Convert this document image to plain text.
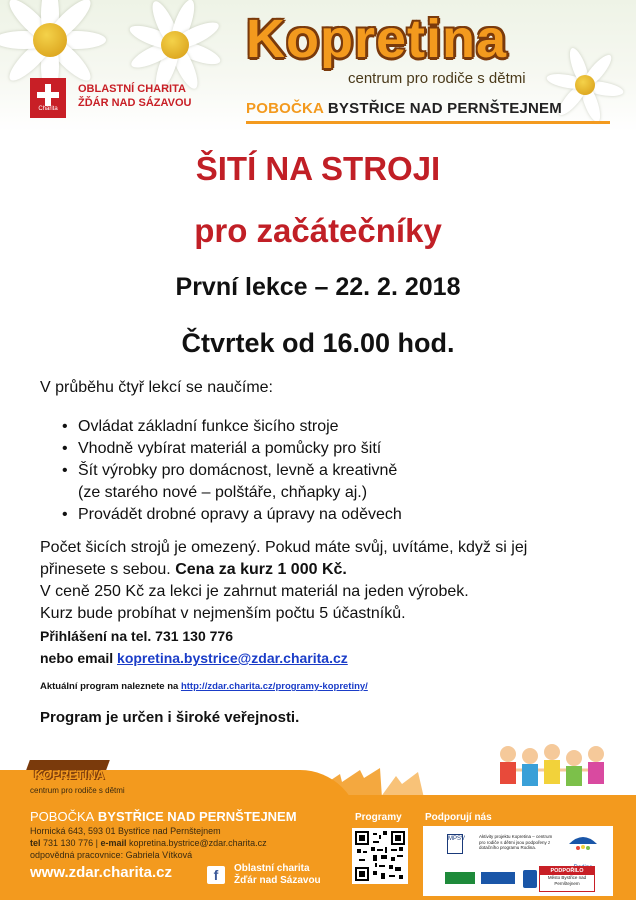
Charita
OBLASTNÍ CHARITA
ŽĎÁR NAD SÁZAVOU
Kopretina
centrum pro rodiče s dětmi
POBOČKA BYSTŘICE NAD PERNŠTEJNEM
ŠITÍ NA STROJI
pro začátečníky
První lekce – 22. 2. 2018
Čtvrtek od 16.00 hod.
V průběhu čtyř lekcí se naučíme:
• Ovládat základní funkce šicího stroje
• Vhodně vybírat materiál a pomůcky pro šití
• Šít výrobky pro domácnost, levně a kreativně
(ze starého nové – polštáře, chňapky aj.)
• Provádět drobné opravy a úpravy na oděvech
Počet šicích strojů je omezený. Pokud máte svůj, uvítáme, když si jej
přinesete s sebou. Cena za kurz 1 000 Kč.
V ceně 250 Kč za lekci je zahrnut materiál na jeden výrobek.
Kurz bude probíhat v nejmenším počtu 5 účastníků.
Přihlášení na tel. 731 130 776
nebo email kopretina.bystrice@zdar.charita.cz
Aktuální program naleznete na http://zdar.charita.cz/programy-kopretiny/
Program je určen i široké veřejnosti.
KOPRETINA
centrum pro rodiče s dětmi
POBOČKA BYSTŘICE NAD PERNŠTEJNEM
Hornická 643, 593 01 Bystřice nad Pernštejnem
tel 731 130 776 | e-mail kopretina.bystrice@zdar.charita.cz
odpovědná pracovnice: Gabriela Vítková
www.zdar.charita.cz	f	Oblastní charita
Žďár nad Sázavou
Programy Podporují nás
MPSV	Aktivity projektu Kopretina – centrum pro rodiče s dětmi jsou podpořeny z dotačního programu Rodina.
PODPOŘILO
Město Bystřice nad Pernštejnem
